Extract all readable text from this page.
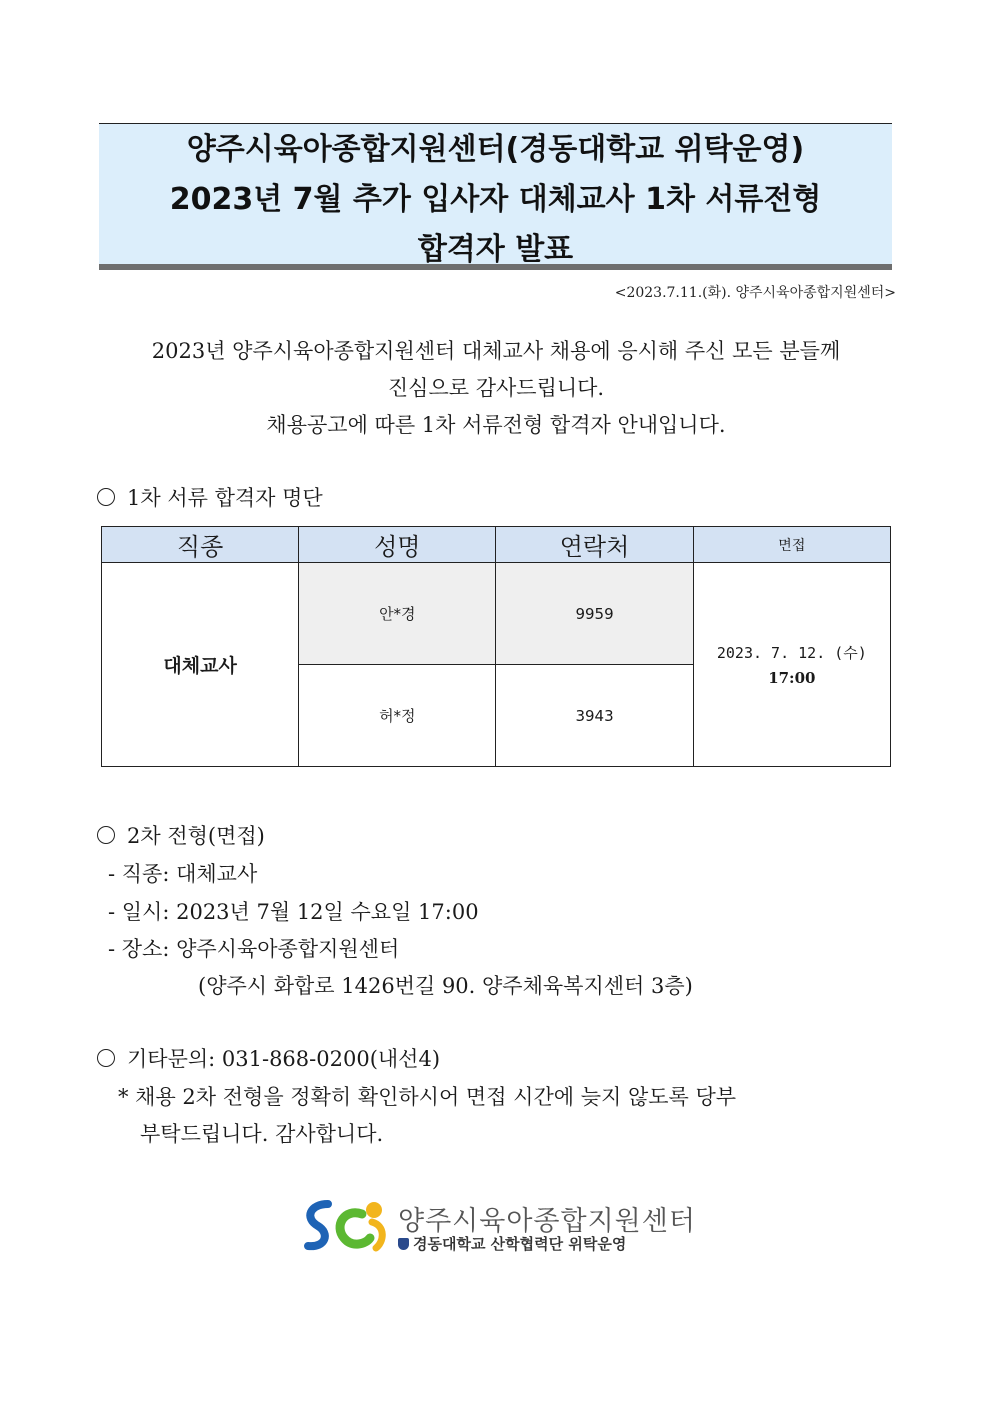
양주시육아종합지원센터(경동대학교 위탁운영)
2023년 7월 추가 입사자 대체교사 1차 서류전형
합격자 발표
<2023.7.11.(화). 양주시육아종합지원센터>
2023년 양주시육아종합지원센터 대체교사 채용에 응시해 주신 모든 분들께
진심으로 감사드립니다.
채용공고에 따른 1차 서류전형 합격자 안내입니다.
1차 서류 합격자 명단
직종	성명	연락처	면접
대체교사	안*경	9959	2023. 7. 12. (수)
17:00

	허*정	3943	
2차 전형(면접)
- 직종: 대체교사
- 일시: 2023년 7월 12일 수요일 17:00
- 장소: 양주시육아종합지원센터
(양주시 화합로 1426번길 90. 양주체육복지센터 3층)
기타문의: 031-868-0200(내선4)
* 채용 2차 전형을 정확히 확인하시어 면접 시간에 늦지 않도록 당부
부탁드립니다. 감사합니다.
양주시육아종합지원센터
경동대학교 산학협력단 위탁운영
